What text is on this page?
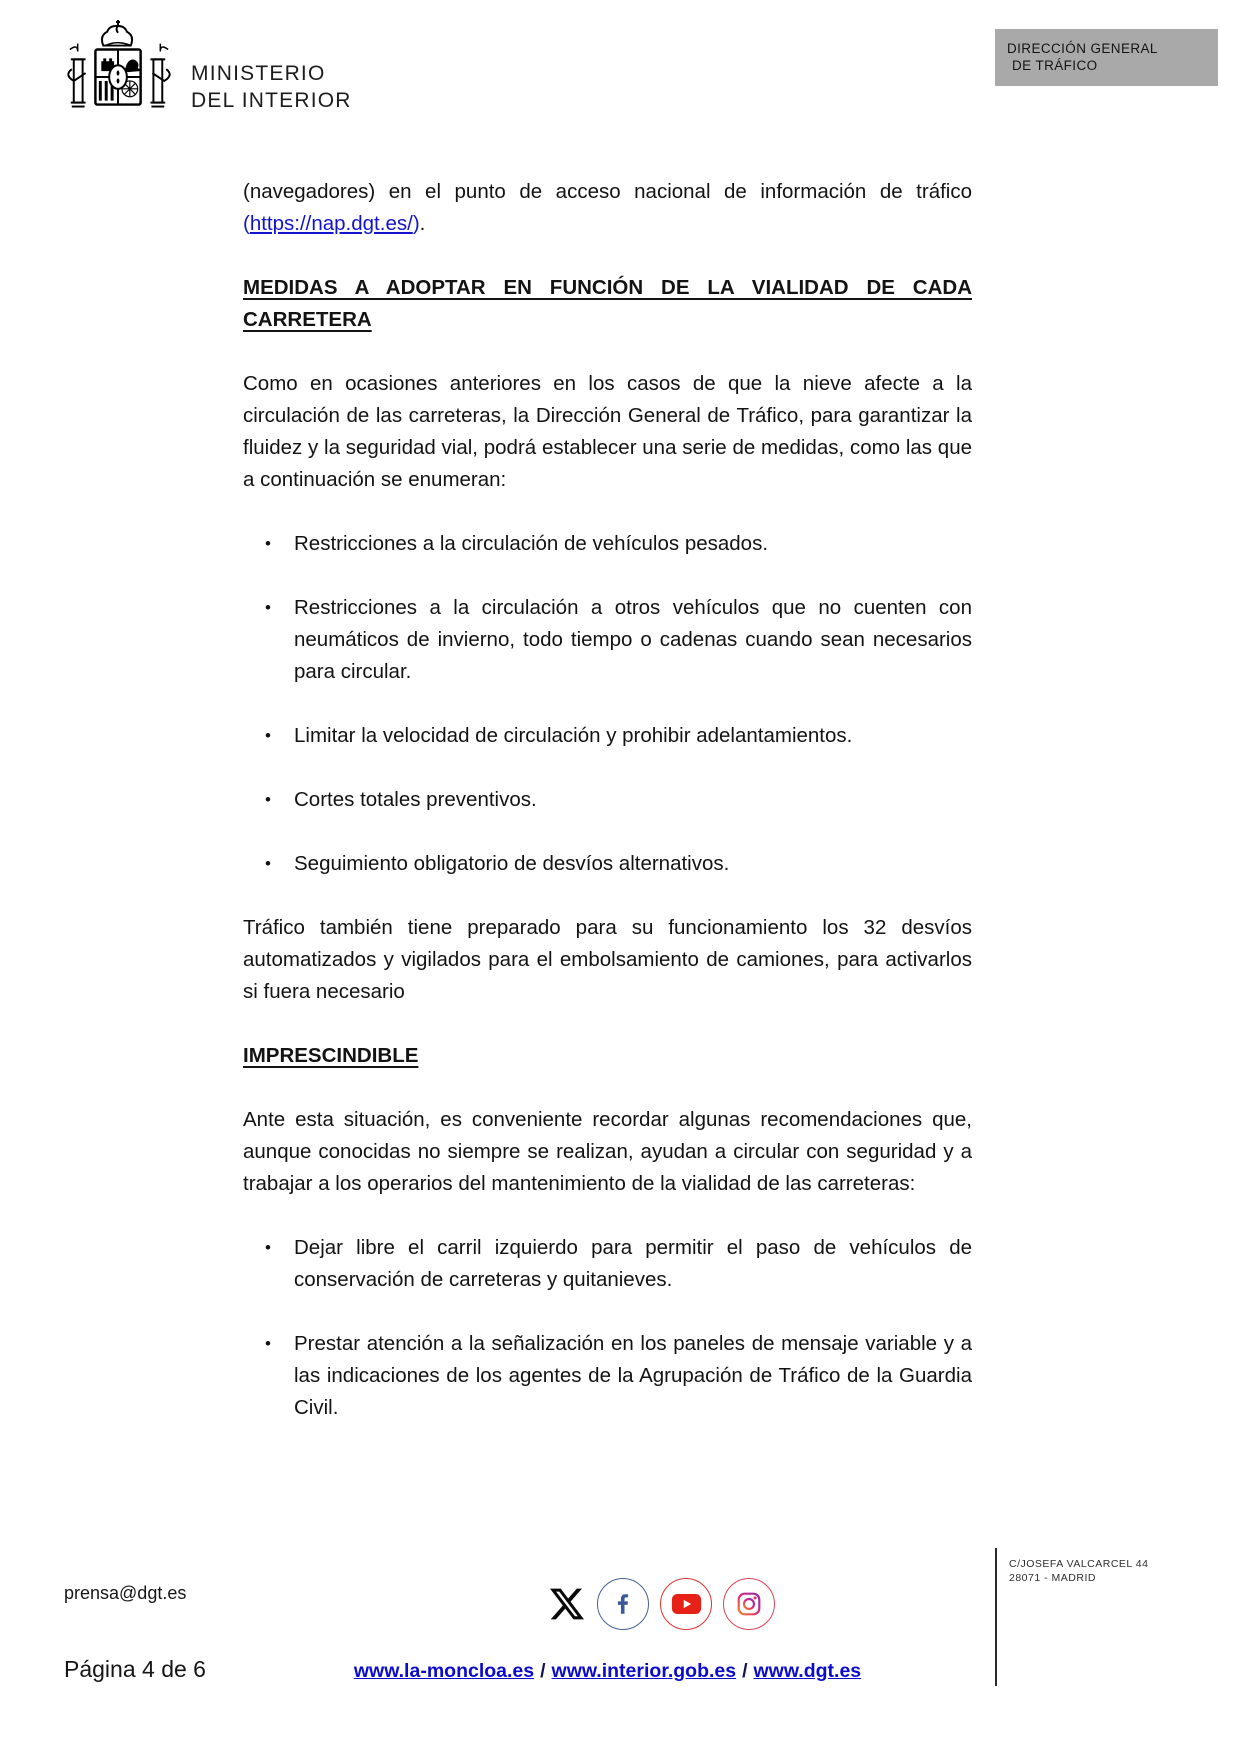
MINISTERIO
DEL INTERIOR
DIRECCIÓN GENERAL
DE TRÁFICO

(navegadores) en el punto de acceso nacional de información de tráfico
(https://nap.dgt.es/).

MEDIDAS A ADOPTAR EN FUNCIÓN DE LA VIALIDAD DE CADA
CARRETERA

Como en ocasiones anteriores en los casos de que la nieve afecte a la circulación de las carreteras, la Dirección General de Tráfico, para garantizar la fluidez y la seguridad vial, podrá establecer una serie de medidas, como las que a continuación se enumeran:

•	Restricciones a la circulación de vehículos pesados.
•	Restricciones a la circulación a otros vehículos que no cuenten con neumáticos de invierno, todo tiempo o cadenas cuando sean necesarios para circular.
•	Limitar la velocidad de circulación y prohibir adelantamientos.
•	Cortes totales preventivos.
•	Seguimiento obligatorio de desvíos alternativos.

Tráfico también tiene preparado para su funcionamiento los 32 desvíos automatizados y vigilados para el embolsamiento de camiones, para activarlos si fuera necesario

IMPRESCINDIBLE

Ante esta situación, es conveniente recordar algunas recomendaciones que, aunque conocidas no siempre se realizan, ayudan a circular con seguridad y a trabajar a los operarios del mantenimiento de la vialidad de las carreteras:

•	Dejar libre el carril izquierdo para permitir el paso de vehículos de conservación de carreteras y quitanieves.
•	Prestar atención a la señalización en los paneles de mensaje variable y a las indicaciones de los agentes de la Agrupación de Tráfico de la Guardia Civil.
prensa@dgt.es
Página 4 de 6	www.la-moncloa.es / www.interior.gob.es / www.dgt.es
C/JOSEFA VALCARCEL 44
28071 - MADRID
